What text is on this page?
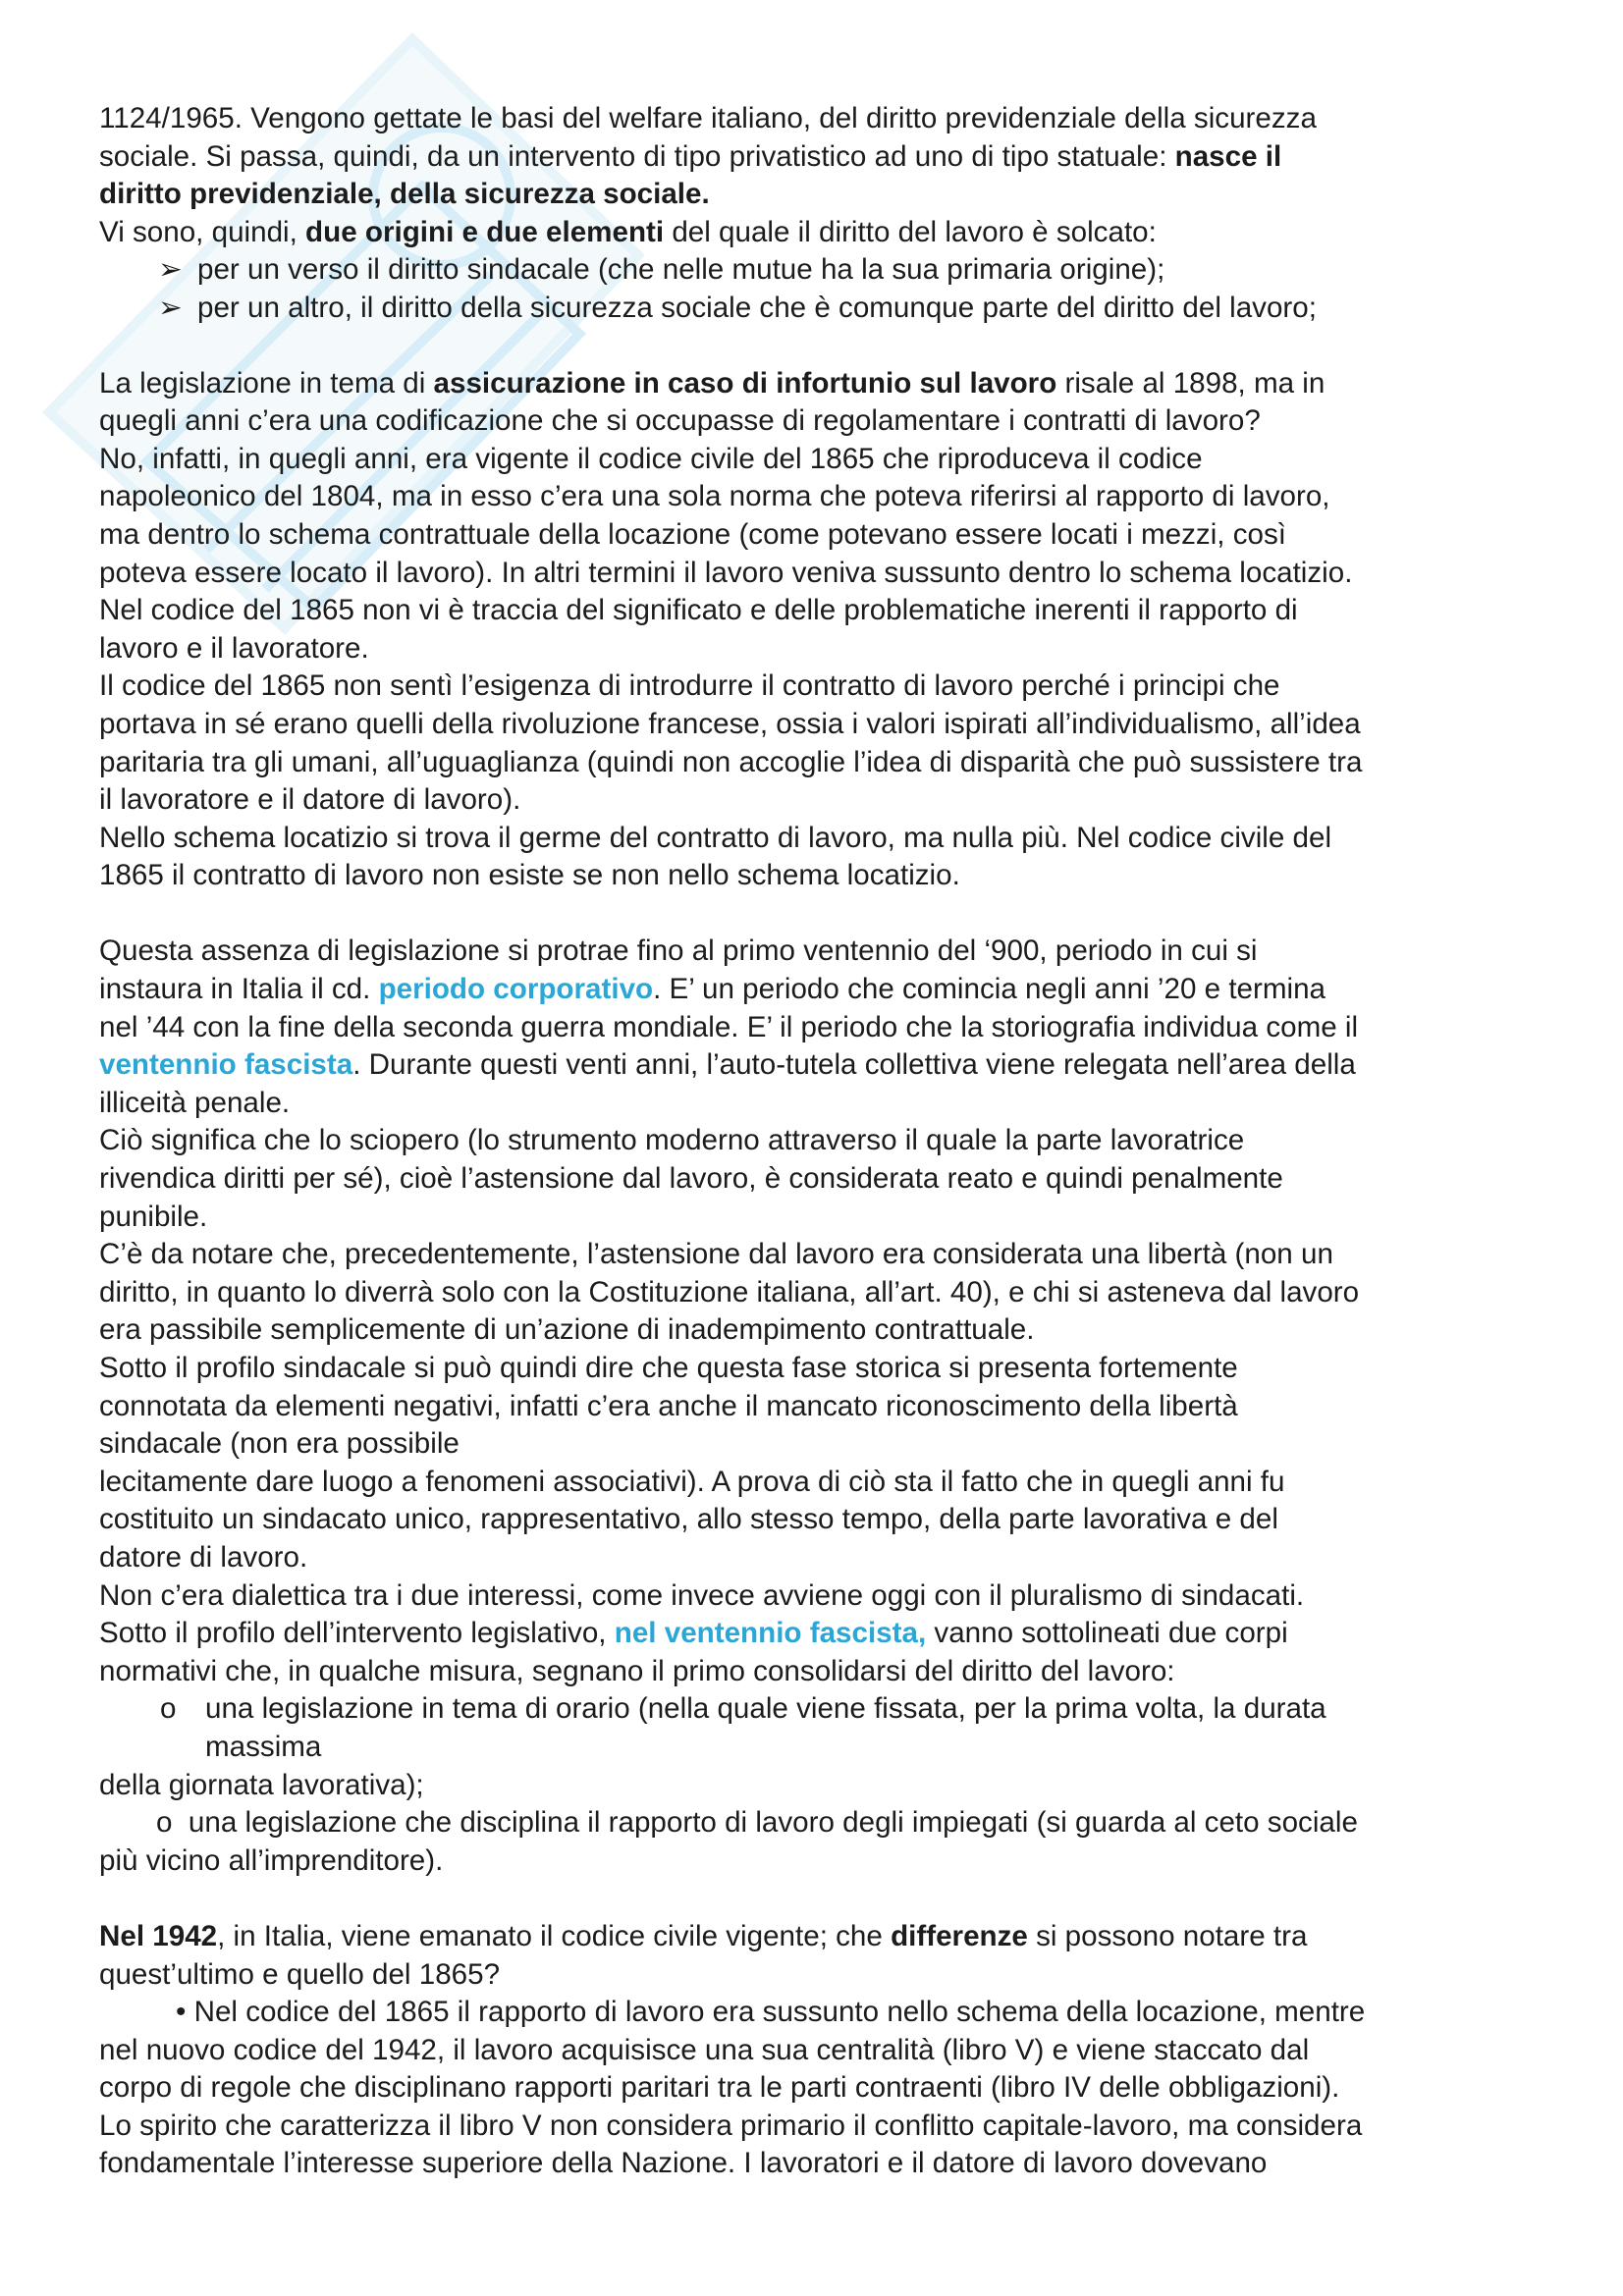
1124/1965. Vengono gettate le basi del welfare italiano, del diritto previdenziale della sicurezza
sociale. Si passa, quindi, da un intervento di tipo privatistico ad uno di tipo statuale: nasce il
diritto previdenziale, della sicurezza sociale.
Vi sono, quindi, due origini e due elementi del quale il diritto del lavoro è solcato:

➢ per un verso il diritto sindacale (che nelle mutue ha la sua primaria origine);
➢ per un altro, il diritto della sicurezza sociale che è comunque parte del diritto del lavoro;

La legislazione in tema di assicurazione in caso di infortunio sul lavoro risale al 1898, ma in
quegli anni c’era una codificazione che si occupasse di regolamentare i contratti di lavoro?
No, infatti, in quegli anni, era vigente il codice civile del 1865 che riproduceva il codice
napoleonico del 1804, ma in esso c’era una sola norma che poteva riferirsi al rapporto di lavoro,
ma dentro lo schema contrattuale della locazione (come potevano essere locati i mezzi, così
poteva essere locato il lavoro). In altri termini il lavoro veniva sussunto dentro lo schema locatizio.
Nel codice del 1865 non vi è traccia del significato e delle problematiche inerenti il rapporto di
lavoro e il lavoratore.
Il codice del 1865 non sentì l’esigenza di introdurre il contratto di lavoro perché i principi che
portava in sé erano quelli della rivoluzione francese, ossia i valori ispirati all’individualismo, all’idea
paritaria tra gli umani, all’uguaglianza (quindi non accoglie l’idea di disparità che può sussistere tra
il lavoratore e il datore di lavoro).
Nello schema locatizio si trova il germe del contratto di lavoro, ma nulla più. Nel codice civile del
1865 il contratto di lavoro non esiste se non nello schema locatizio.

Questa assenza di legislazione si protrae fino al primo ventennio del ‘900, periodo in cui si
instaura in Italia il cd. periodo corporativo. E’ un periodo che comincia negli anni ’20 e termina
nel ’44 con la fine della seconda guerra mondiale. E’ il periodo che la storiografia individua come il
ventennio fascista. Durante questi venti anni, l’auto-tutela collettiva viene relegata nell’area della
illiceità penale.
Ciò significa che lo sciopero (lo strumento moderno attraverso il quale la parte lavoratrice
rivendica diritti per sé), cioè l’astensione dal lavoro, è considerata reato e quindi penalmente
punibile.
C’è da notare che, precedentemente, l’astensione dal lavoro era considerata una libertà (non un
diritto, in quanto lo diverrà solo con la Costituzione italiana, all’art. 40), e chi si asteneva dal lavoro
era passibile semplicemente di un’azione di inadempimento contrattuale.
Sotto il profilo sindacale si può quindi dire che questa fase storica si presenta fortemente
connotata da elementi negativi, infatti c’era anche il mancato riconoscimento della libertà
sindacale (non era possibile
lecitamente dare luogo a fenomeni associativi). A prova di ciò sta il fatto che in quegli anni fu
costituito un sindacato unico, rappresentativo, allo stesso tempo, della parte lavorativa e del
datore di lavoro.
Non c’era dialettica tra i due interessi, come invece avviene oggi con il pluralismo di sindacati.
Sotto il profilo dell’intervento legislativo, nel ventennio fascista, vanno sottolineati due corpi
normativi che, in qualche misura, segnano il primo consolidarsi del diritto del lavoro:

o una legislazione in tema di orario (nella quale viene fissata, per la prima volta, la durata
massima

della giornata lavorativa);

o una legislazione che disciplina il rapporto di lavoro degli impiegati (si guarda al ceto sociale

più vicino all’imprenditore).

Nel 1942, in Italia, viene emanato il codice civile vigente; che differenze si possono notare tra
quest’ultimo e quello del 1865?

• Nel codice del 1865 il rapporto di lavoro era sussunto nello schema della locazione, mentre

nel nuovo codice del 1942, il lavoro acquisisce una sua centralità (libro V) e viene staccato dal
corpo di regole che disciplinano rapporti paritari tra le parti contraenti (libro IV delle obbligazioni).
Lo spirito che caratterizza il libro V non considera primario il conflitto capitale-lavoro, ma considera
fondamentale l’interesse superiore della Nazione. I lavoratori e il datore di lavoro dovevano
